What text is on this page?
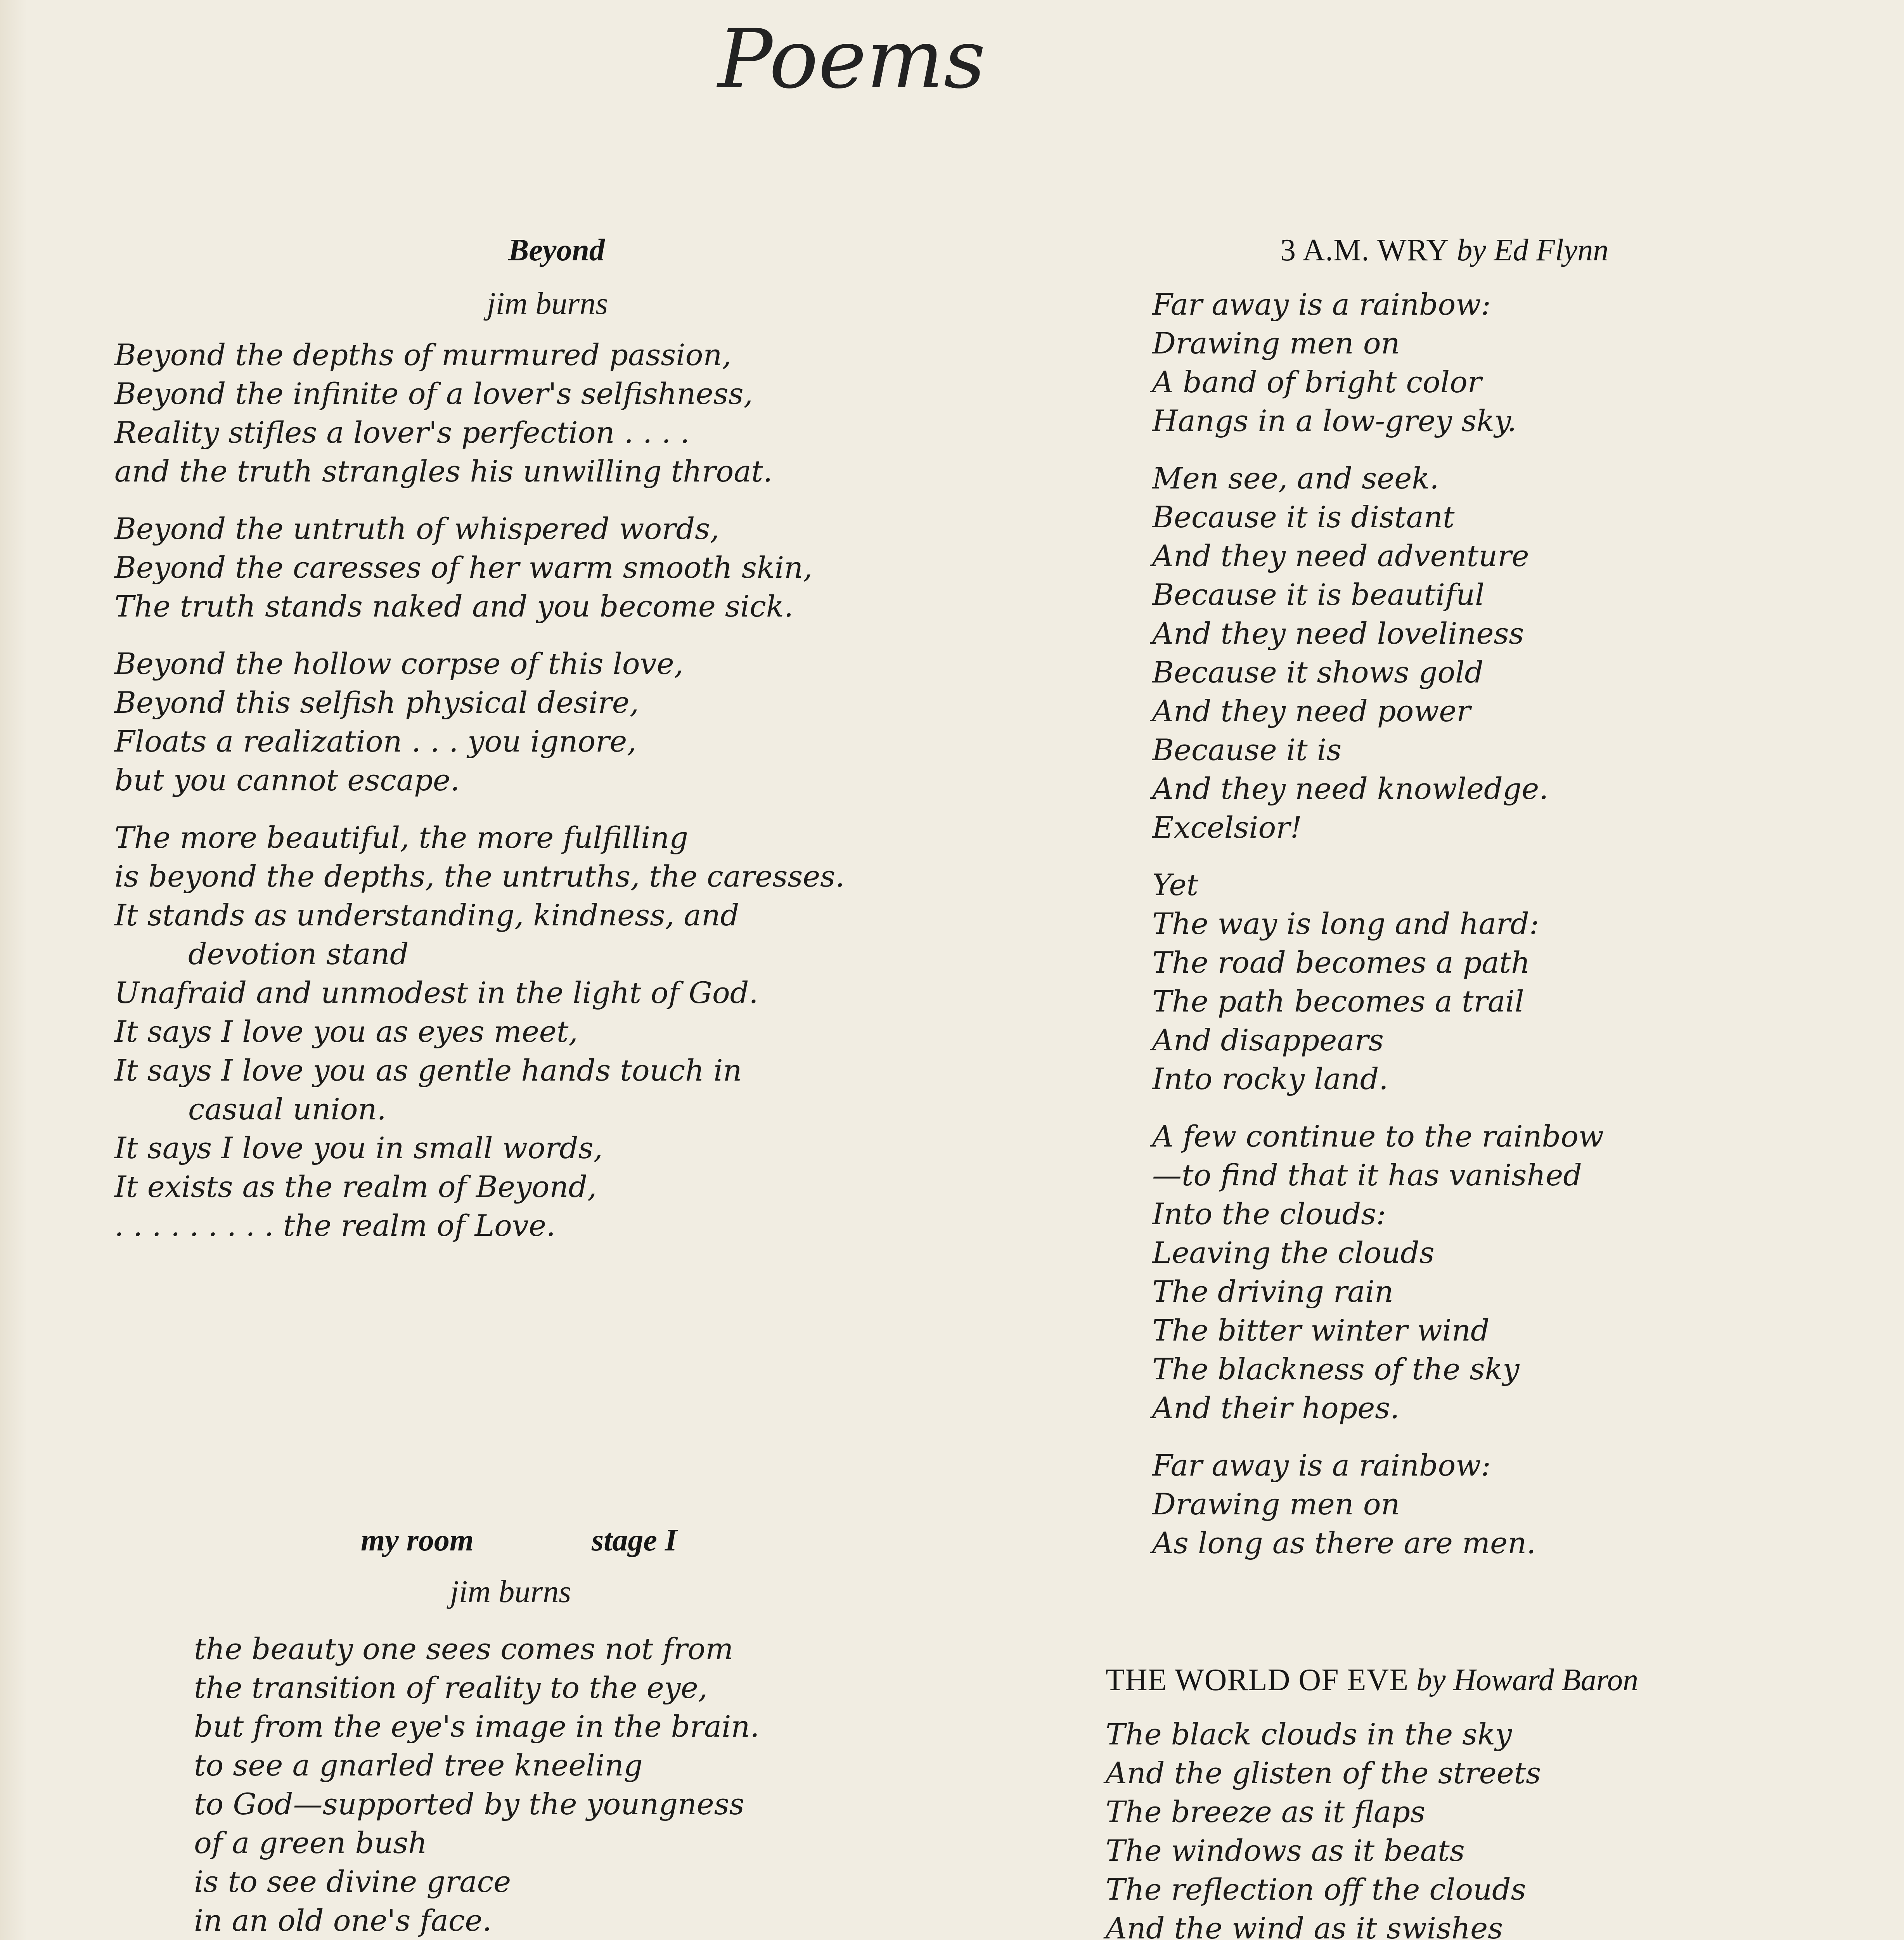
Poems
Beyond
jim burns
Beyond the depths of murmured passion,
Beyond the infinite of a lover's selfishness,
Reality stifles a lover's perfection . . . .
and the truth strangles his unwilling throat.
Beyond the untruth of whispered words,
Beyond the caresses of her warm smooth skin,
The truth stands naked and you become sick.
Beyond the hollow corpse of this love,
Beyond this selfish physical desire,
Floats a realization . . . you ignore,
but you cannot escape.
The more beautiful, the more fulfilling
is beyond the depths, the untruths, the caresses.
It stands as understanding, kindness, and
devotion stand
Unafraid and unmodest in the light of God.
It says I love you as eyes meet,
It says I love you as gentle hands touch in
casual union.
It says I love you in small words,
It exists as the realm of Beyond,
. . . . . . . . . the realm of Love.
my room	stage I
jim burns
the beauty one sees comes not from
the transition of reality to the eye,
but from the eye's image in the brain.
to see a gnarled tree kneeling
to God—supported by the youngness
of a green bush
is to see divine grace
in an old one's face.
3 A.M. WRY by Ed Flynn
Far away is a rainbow:
Drawing men on
A band of bright color
Hangs in a low-grey sky.
Men see, and seek.
Because it is distant
And they need adventure
Because it is beautiful
And they need loveliness
Because it shows gold
And they need power
Because it is
And they need knowledge.
Excelsior!
Yet
The way is long and hard:
The road becomes a path
The path becomes a trail
And disappears
Into rocky land.
A few continue to the rainbow
—to find that it has vanished
Into the clouds:
Leaving the clouds
The driving rain
The bitter winter wind
The blackness of the sky
And their hopes.
Far away is a rainbow:
Drawing men on
As long as there are men.
THE WORLD OF EVE by Howard Baron
The black clouds in the sky
And the glisten of the streets
The breeze as it flaps
The windows as it beats
The reflection off the clouds
And the wind as it swishes
